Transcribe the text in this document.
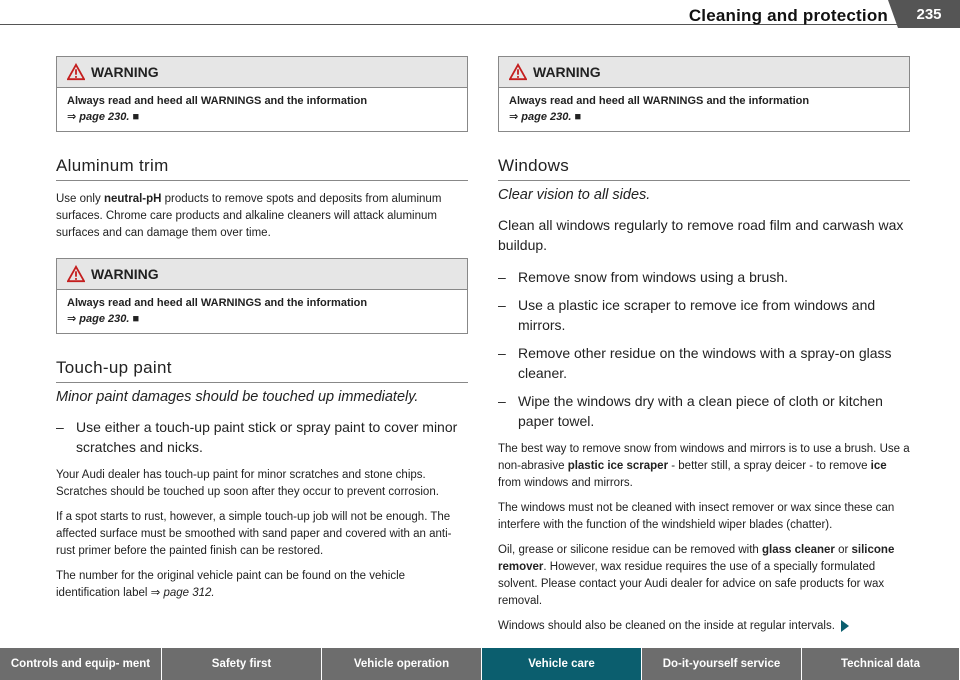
Cleaning and protection	235
WARNING
Always read and heed all WARNINGS and the information
⇒ page 230. ■
Aluminum trim

Use only neutral-pH products to remove spots and deposits from aluminum surfaces. Chrome care products and alkaline cleaners will attack aluminum surfaces and can damage them over time.

WARNING
Always read and heed all WARNINGS and the information
⇒ page 230. ■
Touch-up paint
Minor paint damages should be touched up immediately.
– Use either a touch-up paint stick or spray paint to cover minor scratches and nicks.

Your Audi dealer has touch-up paint for minor scratches and stone chips. Scratches should be touched up soon after they occur to prevent corrosion.

If a spot starts to rust, however, a simple touch-up job will not be enough. The affected surface must be smoothed with sand paper and covered with an anti-rust primer before the painted finish can be restored.

The number for the original vehicle paint can be found on the vehicle identification label ⇒ page 312.

WARNING
Always read and heed all WARNINGS and the information
⇒ page 230. ■
Windows
Clear vision to all sides.

Clean all windows regularly to remove road film and carwash wax buildup.

– Remove snow from windows using a brush.
– Use a plastic ice scraper to remove ice from windows and mirrors.
– Remove other residue on the windows with a spray-on glass cleaner.
– Wipe the windows dry with a clean piece of cloth or kitchen paper towel.

The best way to remove snow from windows and mirrors is to use a brush. Use a non-abrasive plastic ice scraper - better still, a spray deicer - to remove ice from windows and mirrors.

The windows must not be cleaned with insect remover or wax since these can interfere with the function of the windshield wiper blades (chatter).

Oil, grease or silicone residue can be removed with glass cleaner or silicone remover. However, wax residue requires the use of a specially formulated solvent. Please contact your Audi dealer for advice on safe products for wax removal.

Windows should also be cleaned on the inside at regular intervals.

Controls and equip- ment	Safety first	Vehicle operation	Vehicle care	Do-it-yourself service	Technical data
